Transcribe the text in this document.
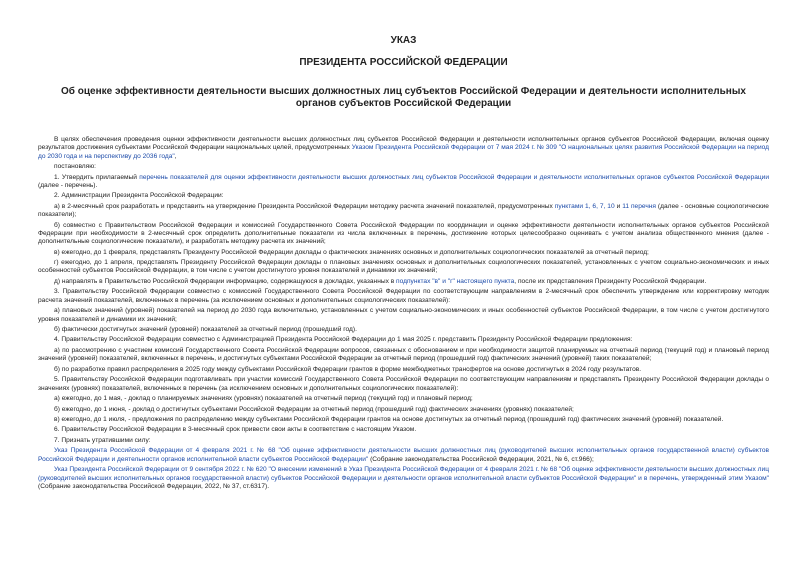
УКАЗ
ПРЕЗИДЕНТА РОССИЙСКОЙ ФЕДЕРАЦИИ
Об оценке эффективности деятельности высших должностных лиц субъектов Российской Федерации и деятельности исполнительных органов субъектов Российской Федерации

В целях обеспечения проведения оценки эффективности деятельности высших должностных лиц субъектов Российской Федерации и деятельности исполнительных органов субъектов Российской Федерации, включая оценку результатов достижения субъектами Российской Федерации национальных целей, предусмотренных Указом Президента Российской Федерации от 7 мая 2024 г. № 309 "О национальных целях развития Российской Федерации на период до 2030 года и на перспективу до 2036 года",

постановляю:

1. Утвердить прилагаемый перечень показателей для оценки эффективности деятельности высших должностных лиц субъектов Российской Федерации и деятельности исполнительных органов субъектов Российской Федерации (далее - перечень).

2. Администрации Президента Российской Федерации:

а) в 2-месячный срок разработать и представить на утверждение Президента Российской Федерации методику расчета значений показателей, предусмотренных пунктами 1, 6, 7, 10 и 11 перечня (далее - основные социологические показатели);

б) совместно с Правительством Российской Федерации и комиссией Государственного Совета Российской Федерации по координации и оценке эффективности деятельности исполнительных органов субъектов Российской Федерации при необходимости в 2-месячный срок определить дополнительные показатели из числа включенных в перечень, достижение которых целесообразно оценивать с учетом анализа общественного мнения (далее - дополнительные социологические показатели), и разработать методику расчета их значений;

в) ежегодно, до 1 февраля, представлять Президенту Российской Федерации доклады о фактических значениях основных и дополнительных социологических показателей за отчетный период;

г) ежегодно, до 1 апреля, представлять Президенту Российской Федерации доклады о плановых значениях основных и дополнительных социологических показателей, установленных с учетом социально-экономических и иных особенностей субъектов Российской Федерации, в том числе с учетом достигнутого уровня показателей и динамики их значений;

д) направлять в Правительство Российской Федерации информацию, содержащуюся в докладах, указанных в подпунктах "в" и "г" настоящего пункта, после их представления Президенту Российской Федерации.

3. Правительству Российской Федерации совместно с комиссией Государственного Совета Российской Федерации по соответствующим направлениям в 2-месячный срок обеспечить утверждение или корректировку методик расчета значений показателей, включенных в перечень (за исключением основных и дополнительных социологических показателей):

а) плановых значений (уровней) показателей на период до 2030 года включительно, установленных с учетом социально-экономических и иных особенностей субъектов Российской Федерации, в том числе с учетом достигнутого уровня показателей и динамики их значений;

б) фактически достигнутых значений (уровней) показателей за отчетный период (прошедший год).

4. Правительству Российской Федерации совместно с Администрацией Президента Российской Федерации до 1 мая 2025 г. представить Президенту Российской Федерации предложения:

а) по рассмотрению с участием комиссий Государственного Совета Российской Федерации вопросов, связанных с обоснованием и при необходимости защитой планируемых на отчетный период (текущий год) и плановый период значений (уровней) показателей, включенных в перечень, и достигнутых субъектами Российской Федерации за отчетный период (прошедший год) фактических значений (уровней) таких показателей;

б) по разработке правил распределения в 2025 году между субъектами Российской Федерации грантов в форме межбюджетных трансфертов на основе достигнутых в 2024 году результатов.

5. Правительству Российской Федерации подготавливать при участии комиссий Государственного Совета Российской Федерации по соответствующим направлениям и представлять Президенту Российской Федерации доклады о значениях (уровнях) показателей, включенных в перечень (за исключением основных и дополнительных социологических показателей):

а) ежегодно, до 1 мая, - доклад о планируемых значениях (уровнях) показателей на отчетный период (текущий год) и плановый период;

б) ежегодно, до 1 июня, - доклад о достигнутых субъектами Российской Федерации за отчетный период (прошедший год) фактических значениях (уровнях) показателей;

в) ежегодно, до 1 июля, - предложения по распределению между субъектами Российской Федерации грантов на основе достигнутых за отчетный период (прошедший год) фактических значений (уровней) показателей.

6. Правительству Российской Федерации в 3-месячный срок привести свои акты в соответствие с настоящим Указом.

7. Признать утратившими силу:

Указ Президента Российской Федерации от 4 февраля 2021 г. № 68 "Об оценке эффективности деятельности высших должностных лиц (руководителей высших исполнительных органов государственной власти) субъектов Российской Федерации и деятельности органов исполнительной власти субъектов Российской Федерации" (Собрание законодательства Российской Федерации, 2021, № 6, ст.966);

Указ Президента Российской Федерации от 9 сентября 2022 г. № 620 "О внесении изменений в Указ Президента Российской Федерации от 4 февраля 2021 г. № 68 "Об оценке эффективности деятельности высших должностных лиц (руководителей высших исполнительных органов государственной власти) субъектов Российской Федерации и деятельности органов исполнительной власти субъектов Российской Федерации" и в перечень, утвержденный этим Указом" (Собрание законодательства Российской Федерации, 2022, № 37, ст.6317).
